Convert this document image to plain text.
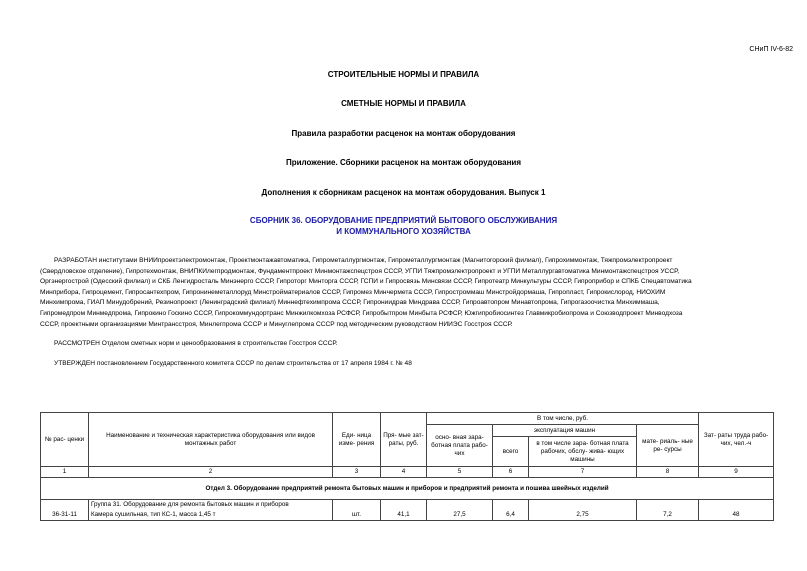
СНиП IV-6-82
СТРОИТЕЛЬНЫЕ НОРМЫ И ПРАВИЛА
СМЕТНЫЕ НОРМЫ И ПРАВИЛА
Правила разработки расценок на монтаж оборудования
Приложение. Сборники расценок на монтаж оборудования
Дополнения к сборникам расценок на монтаж оборудования. Выпуск 1
СБОРНИК 36. ОБОРУДОВАНИЕ ПРЕДПРИЯТИЙ БЫТОВОГО ОБСЛУЖИВАНИЯ
И КОММУНАЛЬНОГО ХОЗЯЙСТВА
РАЗРАБОТАН институтами ВНИИпроектэлектромонтаж, Проектмонтажавтоматика, Гипрометаллургмонтаж, Гипрометаллургмонтаж (Магнитогорский филиал), Гипрохиммонтаж, Тяжпромэлектропроект
(Свердловское отделение), Гипротехмонтаж, ВНИПКИлегпродмонтаж, Фундаментпроект Минмонтажспецстроя СССР, УГПИ Тяжпромэлектропроект и УГПИ Металлургавтоматика Минмонтажспецстроя УССР,
Оргэнергострой (Одесский филиал) и СКБ Ленгидросталь Минэнерго СССР, Гипроторг Минторга СССР, ГСПИ и Гипросвязь Минсвязи СССР, Гипротеатр Минкультуры СССР, Гипроприбор и СПКБ Спецавтоматика
Минприбора, Гипроцемент, Гипросантехпром, Гипронинеметаллоруд Минстройматериалов СССР, Гипромез Минчермета СССР, Гипростроммаш Минстройдормаша, Гипропласт, Гипрокислород, НИОХИМ
Минхимпрома, ГИАП Минудобрений, Резинопроект (Ленинградский филиал) Миннефтехимпрома СССР, Гипрониидрав Миндрава СССР, Гипроавтопром Минавтопрома, Гипрогазоочистка Минхиммаша,
Гипромедпром Минмедпрома, Гипрокино Госкино СССР, Гипрокоммундортранс Минжилкомхоза РСФСР, Гипробытпром Минбыта РСФСР, Южгипробиосинтез Главмикробиопрома и Союзводпроект Минводхоза
СССР, проектными организациями Минтрансстроя, Минлегпрома СССР и Минуглепрома СССР под методическим руководством НИИЭС Госстроя СССР.
РАССМОТРЕН Отделом сметных норм и ценообразования в строительстве Госстроя СССР.
УТВЕРЖДЕН постановлением Государственного комитета СССР по делам строительства от 17 апреля 1984 г. № 48
№ рас- ценки	Наименование и техническая характеристика оборудования или видов монтажных работ	Еди- ница изме- рения	Пря- мые зат- раты, руб.	В том числе, руб.				Зат- раты труда рабо- чих, чел.-ч
				осно- вная зара- ботная плата рабо- чих	эксплуатация машин		мате- риаль- ные ре- сурсы	
					всего	в том числе зара- ботная плата рабочих, обслу- жива- ющих машины		
1	2	3	4	5	6	7	8	9
Отдел 3. Оборудование предприятий ремонта бытовых машин и приборов и предприятий ремонта и пошива швейных изделий								
	Группа 31. Оборудование для ремонта бытовых машин и приборов							
36-31-11	Камера сушильная, тип КС-1, масса 1,45 т	шт.	41,1	27,5	6,4	2,75	7,2	48
